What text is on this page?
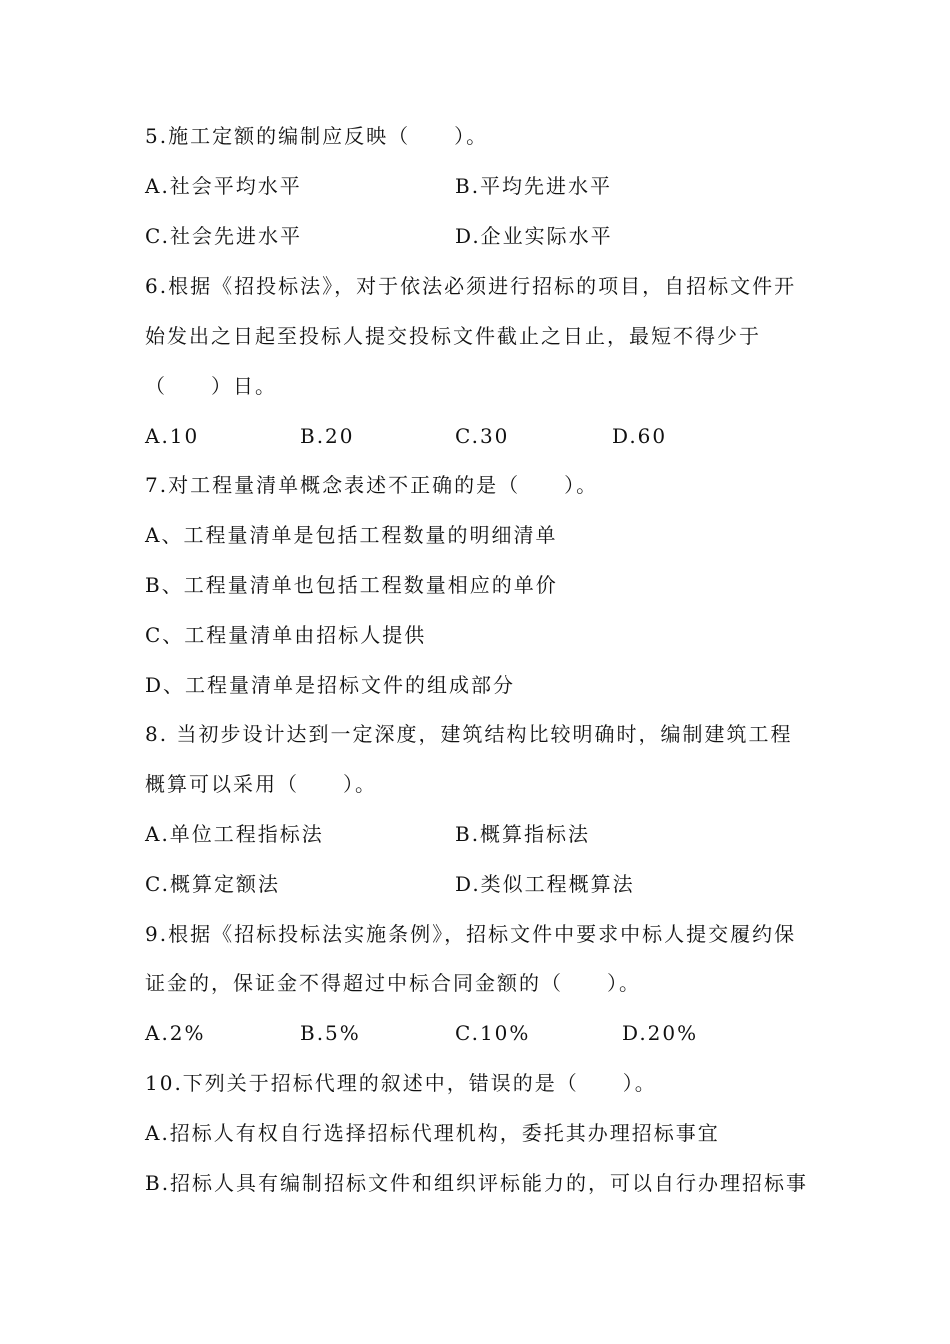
5.施工定额的编制应反映（　　）。
A.社会平均水平	B.平均先进水平
C.社会先进水平	D.企业实际水平
6.根据《招投标法》，对于依法必须进行招标的项目，自招标文件开
始发出之日起至投标人提交投标文件截止之日止，最短不得少于
（　　）日。
A.10	B.20	C.30	D.60
7.对工程量清单概念表述不正确的是（　　）。
A、工程量清单是包括工程数量的明细清单
B、工程量清单也包括工程数量相应的单价
C、工程量清单由招标人提供
D、工程量清单是招标文件的组成部分
8. 当初步设计达到一定深度，建筑结构比较明确时，编制建筑工程
概算可以采用（　　）。
A.单位工程指标法	B.概算指标法
C.概算定额法	D.类似工程概算法
9.根据《招标投标法实施条例》，招标文件中要求中标人提交履约保
证金的，保证金不得超过中标合同金额的（　　）。
A.2%	B.5%	C.10%	D.20%
10.下列关于招标代理的叙述中，错误的是（　　）。
A.招标人有权自行选择招标代理机构，委托其办理招标事宜
B.招标人具有编制招标文件和组织评标能力的，可以自行办理招标事
